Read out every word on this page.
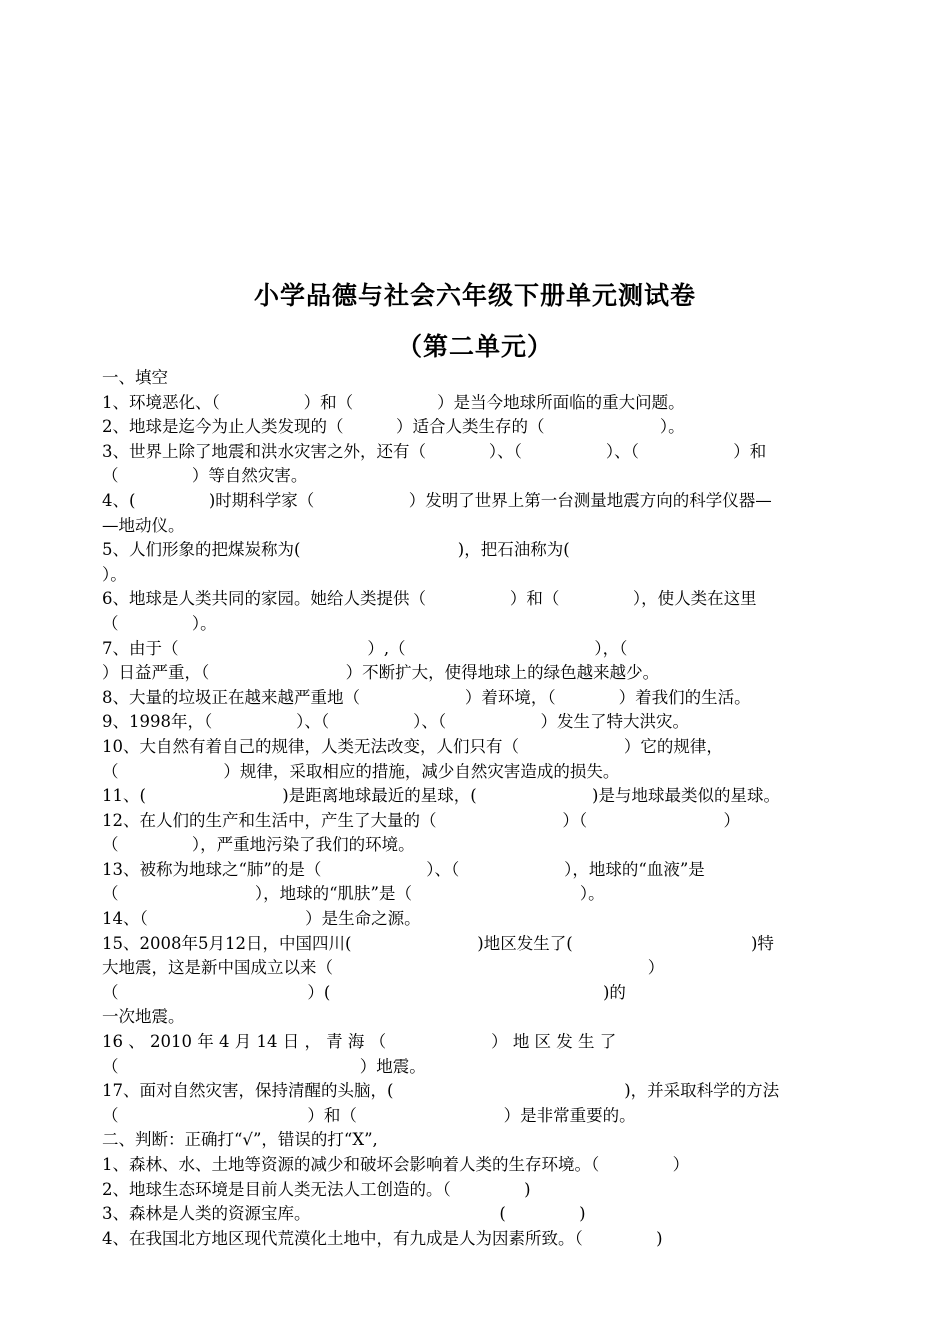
小学品德与社会六年级下册单元测试卷
（第二单元）
一、填空
1、环境恶化、（                ）和（                ）是当今地球所面临的重大问题。
2、地球是迄今为止人类发现的（          ）适合人类生存的（                      ）。
3、世界上除了地震和洪水灾害之外，还有（            ）、（                ）、（                  ）和
（              ）等自然灾害。
4、(              )时期科学家（                  ）发明了世界上第一台测量地震方向的科学仪器—
—地动仪。
5、人们形象的把煤炭称为(                              )，把石油称为(
）。
6、地球是人类共同的家园。她给人类提供（                ）和（              ），使人类在这里
（              ）。
7、由于（                                    ）,（                                    ），（
）日益严重，（                          ）不断扩大，使得地球上的绿色越来越少。
8、大量的垃圾正在越来越严重地（                    ）着环境，（            ）着我们的生活。
9、1998年，（                ）、（                ）、（                  ）发生了特大洪灾。
10、大自然有着自己的规律，人类无法改变，人们只有（                    ）它的规律，
（                    ）规律，采取相应的措施，减少自然灾害造成的损失。
11、(                          )是距离地球最近的星球，(                      )是与地球最类似的星球。
12、在人们的生产和生活中，产生了大量的（                        ）（                          ）
（              ），严重地污染了我们的环境。
13、被称为地球之“肺”的是（                    ）、（                    ），地球的“血液”是
（                          ），地球的“肌肤”是（                                ）。
14、（                              ）是生命之源。
15、2008年5月12日，中国四川(                        )地区发生了(                                  )特
大地震，这是新中国成立以来（                                                            ）
（                                    ）(                                                    )的
一次地震。
16 、 2010 年 4 月 14 日 ， 青 海 （                    ） 地 区 发 生 了
（                                              ）地震。
17、面对自然灾害，保持清醒的头脑，(                                            )，并采取科学的方法
（                                    ）和（                            ）是非常重要的。
二、判断：正确打“√”，错误的打“X”,
1、森林、水、土地等资源的减少和破坏会影响着人类的生存环境。（              ）
2、地球生态环境是目前人类无法人工创造的。（              )
3、森林是人类的资源宝库。                                    (              )
4、在我国北方地区现代荒漠化土地中，有九成是人为因素所致。（              )
